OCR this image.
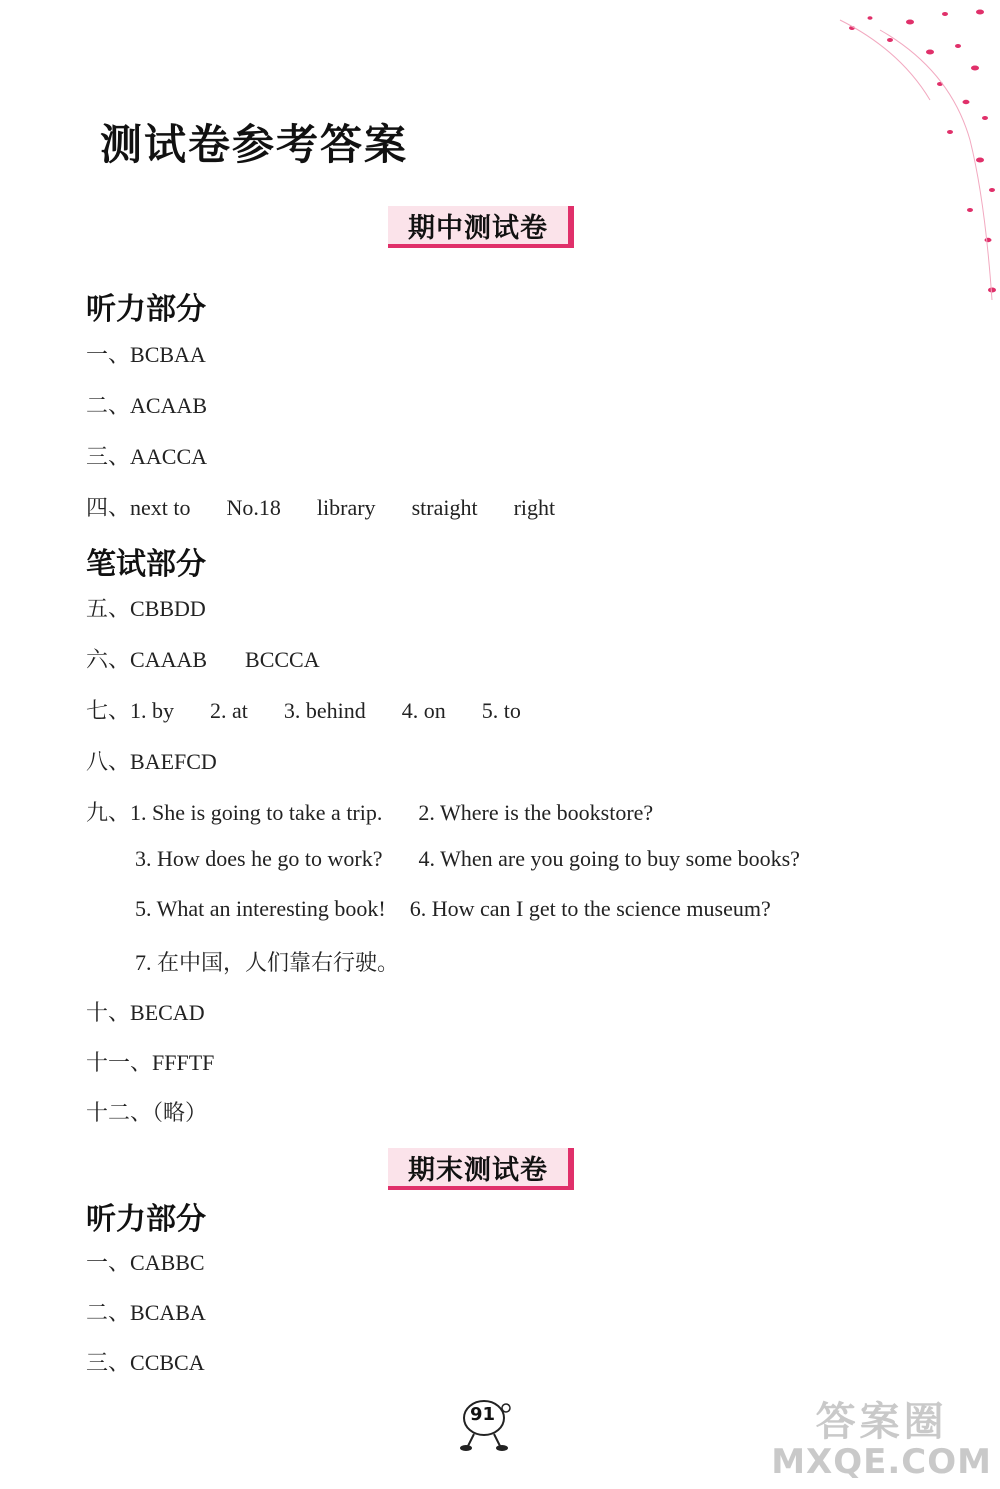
测试卷参考答案
期中测试卷
听力部分
一、BCBAA
二、ACAAB
三、AACCA
四、next to No.18 library straight right
笔试部分
五、CBBDD
六、CAAAB BCCCA
七、1. by 2. at 3. behind 4. on 5. to
八、BAEFCD
九、1. She is going to take a trip. 2. Where is the bookstore?
3. How does he go to work? 4. When are you going to buy some books?
5. What an interesting book! 6. How can I get to the science museum?
7. 在中国，人们靠右行驶。
十、BECAD
十一、FFFTF
十二、（略）
期末测试卷
听力部分
一、CABBC
二、BCABA
三、CCBCA
91	答案圈
MXQE.COM
